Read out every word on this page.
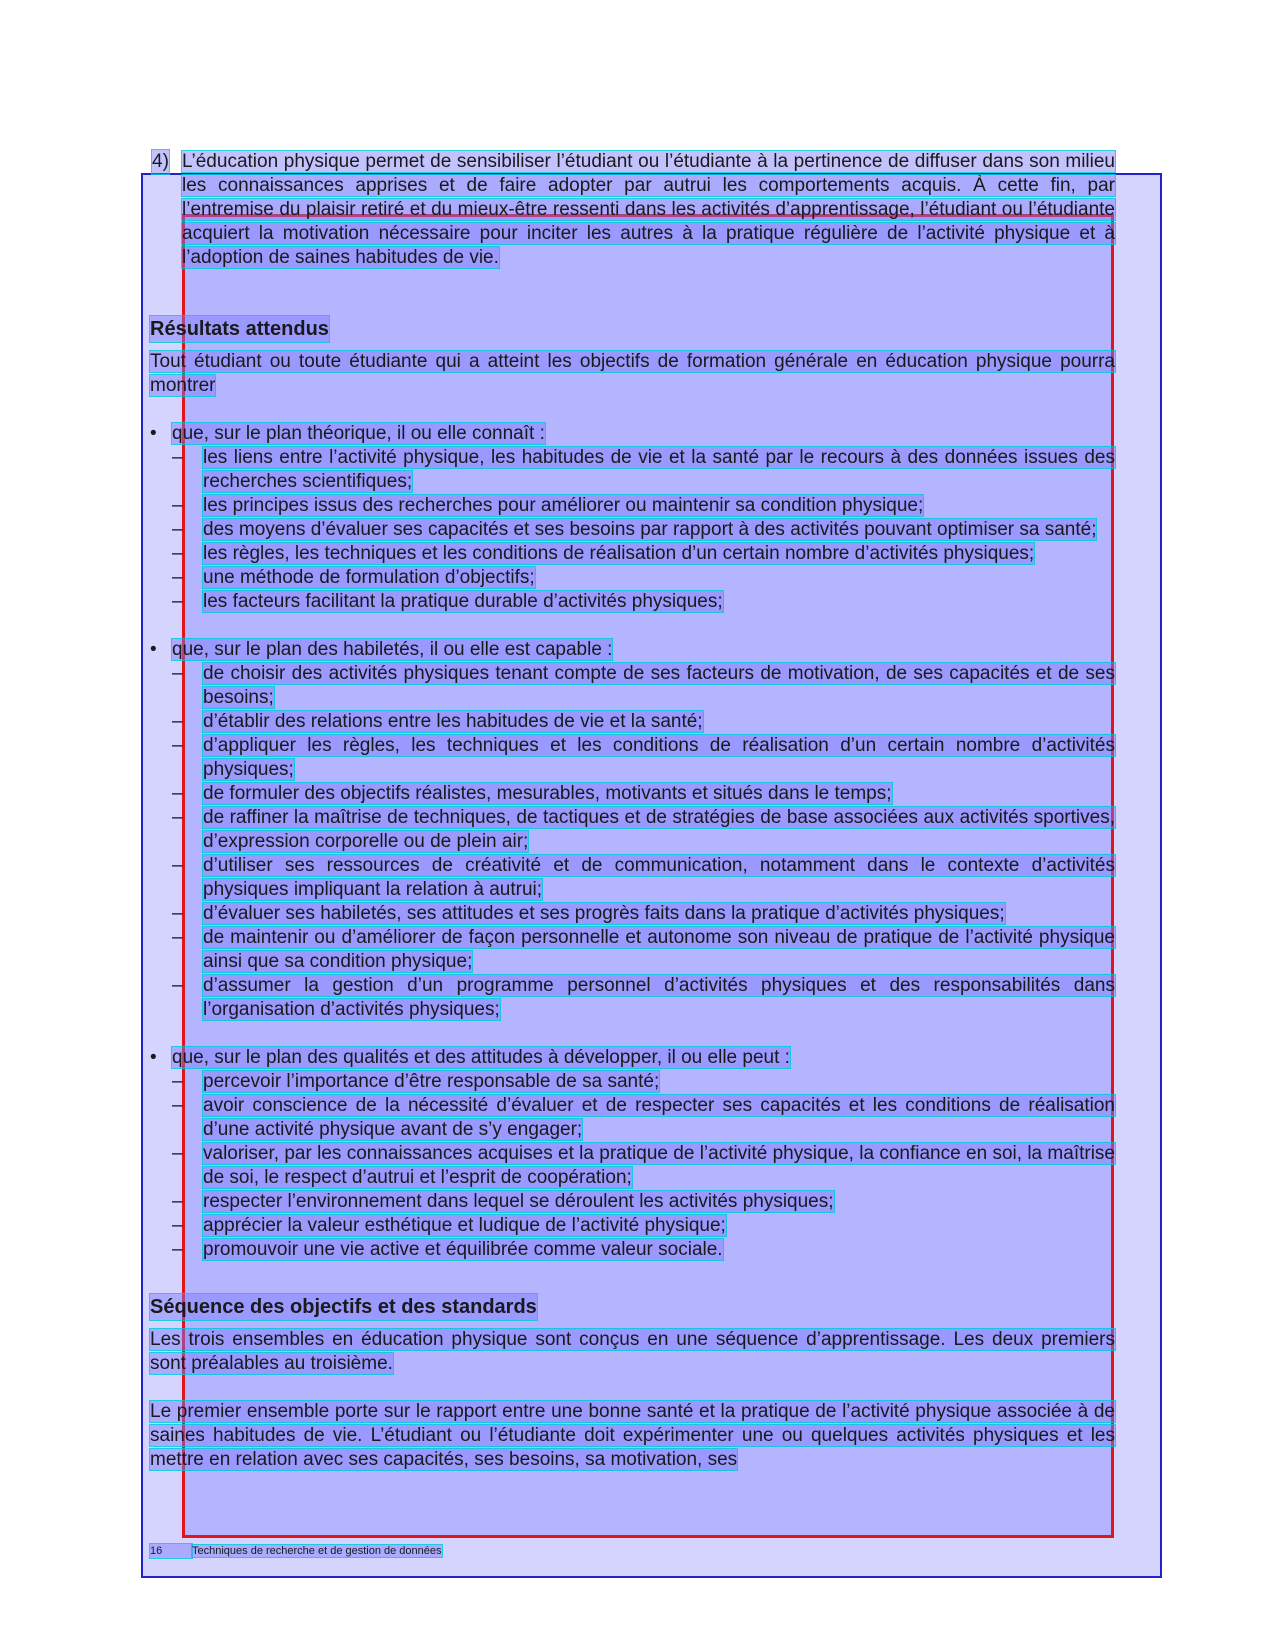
4) L’éducation physique permet de sensibiliser l’étudiant ou l’étudiante à la pertinence de diffuser dans son milieu les connaissances apprises et de faire adopter par autrui les comportements acquis. À cette fin, par l’entremise du plaisir retiré et du mieux-être ressenti dans les activités d’apprentissage, l’étudiant ou l’étudiante acquiert la motivation nécessaire pour inciter les autres à la pratique régulière de l’activité physique et à l’adoption de saines habitudes de vie.

Résultats attendus

Tout étudiant ou toute étudiante qui a atteint les objectifs de formation générale en éducation physique pourra montrer

• que, sur le plan théorique, il ou elle connaît :
– les liens entre l’activité physique, les habitudes de vie et la santé par le recours à des données issues des recherches scientifiques;
– les principes issus des recherches pour améliorer ou maintenir sa condition physique;
– des moyens d’évaluer ses capacités et ses besoins par rapport à des activités pouvant optimiser sa santé;
– les règles, les techniques et les conditions de réalisation d’un certain nombre d’activités physiques;
– une méthode de formulation d’objectifs;
– les facteurs facilitant la pratique durable d’activités physiques;
• que, sur le plan des habiletés, il ou elle est capable :
– de choisir des activités physiques tenant compte de ses facteurs de motivation, de ses capacités et de ses besoins;
– d’établir des relations entre les habitudes de vie et la santé;
– d’appliquer les règles, les techniques et les conditions de réalisation d’un certain nombre d’activités physiques;
– de formuler des objectifs réalistes, mesurables, motivants et situés dans le temps;
– de raffiner la maîtrise de techniques, de tactiques et de stratégies de base associées aux activités sportives, d’expression corporelle ou de plein air;
– d’utiliser ses ressources de créativité et de communication, notamment dans le contexte d’activités physiques impliquant la relation à autrui;
– d’évaluer ses habiletés, ses attitudes et ses progrès faits dans la pratique d’activités physiques;
– de maintenir ou d’améliorer de façon personnelle et autonome son niveau de pratique de l’activité physique ainsi que sa condition physique;
– d’assumer la gestion d’un programme personnel d’activités physiques et des responsabilités dans l’organisation d’activités physiques;
• que, sur le plan des qualités et des attitudes à développer, il ou elle peut :
– percevoir l’importance d’être responsable de sa santé;
– avoir conscience de la nécessité d’évaluer et de respecter ses capacités et les conditions de réalisation d’une activité physique avant de s’y engager;
– valoriser, par les connaissances acquises et la pratique de l’activité physique, la confiance en soi, la maîtrise de soi, le respect d’autrui et l’esprit de coopération;
– respecter l’environnement dans lequel se déroulent les activités physiques;
– apprécier la valeur esthétique et ludique de l’activité physique;
– promouvoir une vie active et équilibrée comme valeur sociale.
Séquence des objectifs et des standards

Les trois ensembles en éducation physique sont conçus en une séquence d’apprentissage. Les deux premiers sont préalables au troisième.

Le premier ensemble porte sur le rapport entre une bonne santé et la pratique de l’activité physique associée à de saines habitudes de vie. L’étudiant ou l’étudiante doit expérimenter une ou quelques activités physiques et les mettre en relation avec ses capacités, ses besoins, sa motivation, ses

16	Techniques de recherche et de gestion de données
